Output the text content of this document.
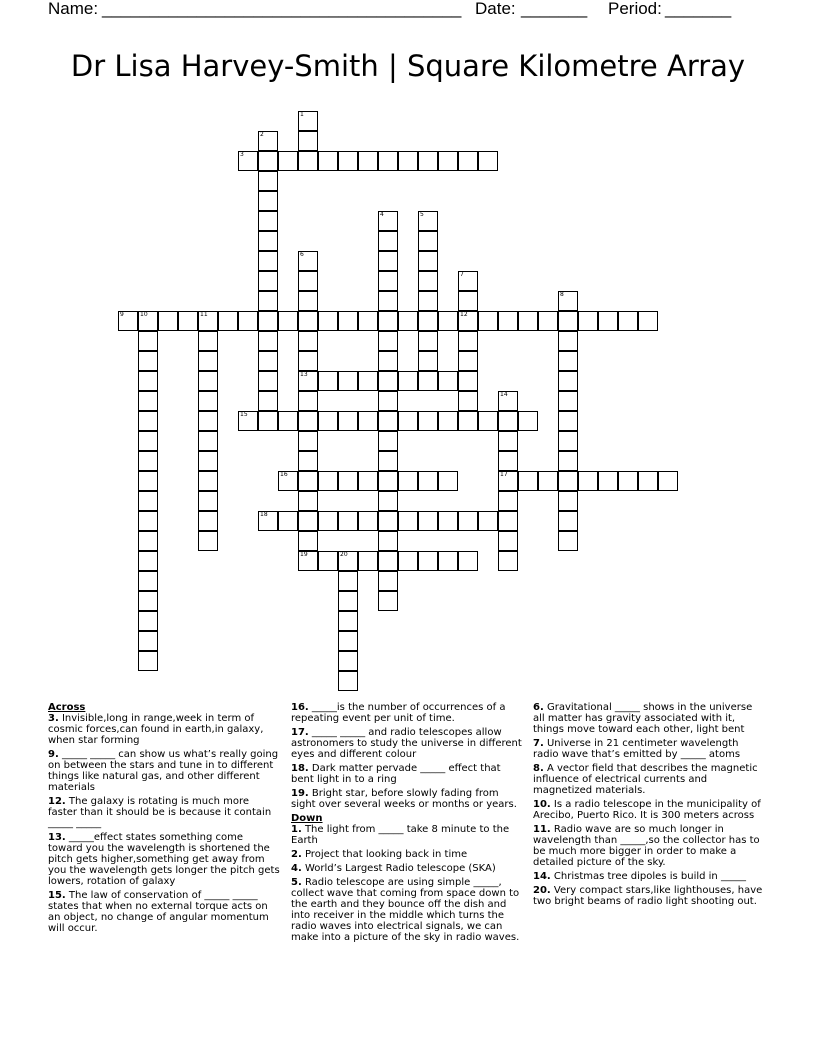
Name: ______________________________________ Date: _______ Period: _______
Dr Lisa Harvey-Smith | Square Kilometre Array
3
9	12
13
15
16	17
18
19
1
2
4	5
6
7
8
10	11
14
20
Across
3. Invisible,long in range,week in term of cosmic forces,can found in earth,in galaxy, when star forming
9. _____ _____ can show us what’s really going on between the stars and tune in to different things like natural gas, and other different materials
12. The galaxy is rotating is much more faster than it should be is because it contain _____ _____
13. _____effect states something come toward you the wavelength is shortened the pitch gets higher,something get away from you the wavelength gets longer the pitch gets lowers, rotation of galaxy
15. The law of conservation of _____ _____ states that when no external torque acts on an object, no change of angular momentum will occur.
16. _____is the number of occurrences of a repeating event per unit of time.
17. _____ _____ and radio telescopes allow astronomers to study the universe in different eyes and different colour
18. Dark matter pervade _____ effect that bent light in to a ring
19. Bright star, before slowly fading from sight over several weeks or months or years.
Down
1. The light from _____ take 8 minute to the Earth
2. Project that looking back in time
4. World’s Largest Radio telescope (SKA)
5. Radio telescope are using simple _____, collect wave that coming from space down to the earth and they bounce off the dish and into receiver in the middle which turns the radio waves into electrical signals, we can make into a picture of the sky in radio waves.
6. Gravitational _____ shows in the universe all matter has gravity associated with it, things move toward each other, light bent
7. Universe in 21 centimeter wavelength radio wave that’s emitted by _____ atoms
8. A vector field that describes the magnetic influence of electrical currents and magnetized materials.
10. Is a radio telescope in the municipality of Arecibo, Puerto Rico. It is 300 meters across
11. Radio wave are so much longer in wavelength than _____,so the collector has to be much more bigger in order to make a detailed picture of the sky.
14. Christmas tree dipoles is build in _____
20. Very compact stars,like lighthouses, have two bright beams of radio light shooting out.
